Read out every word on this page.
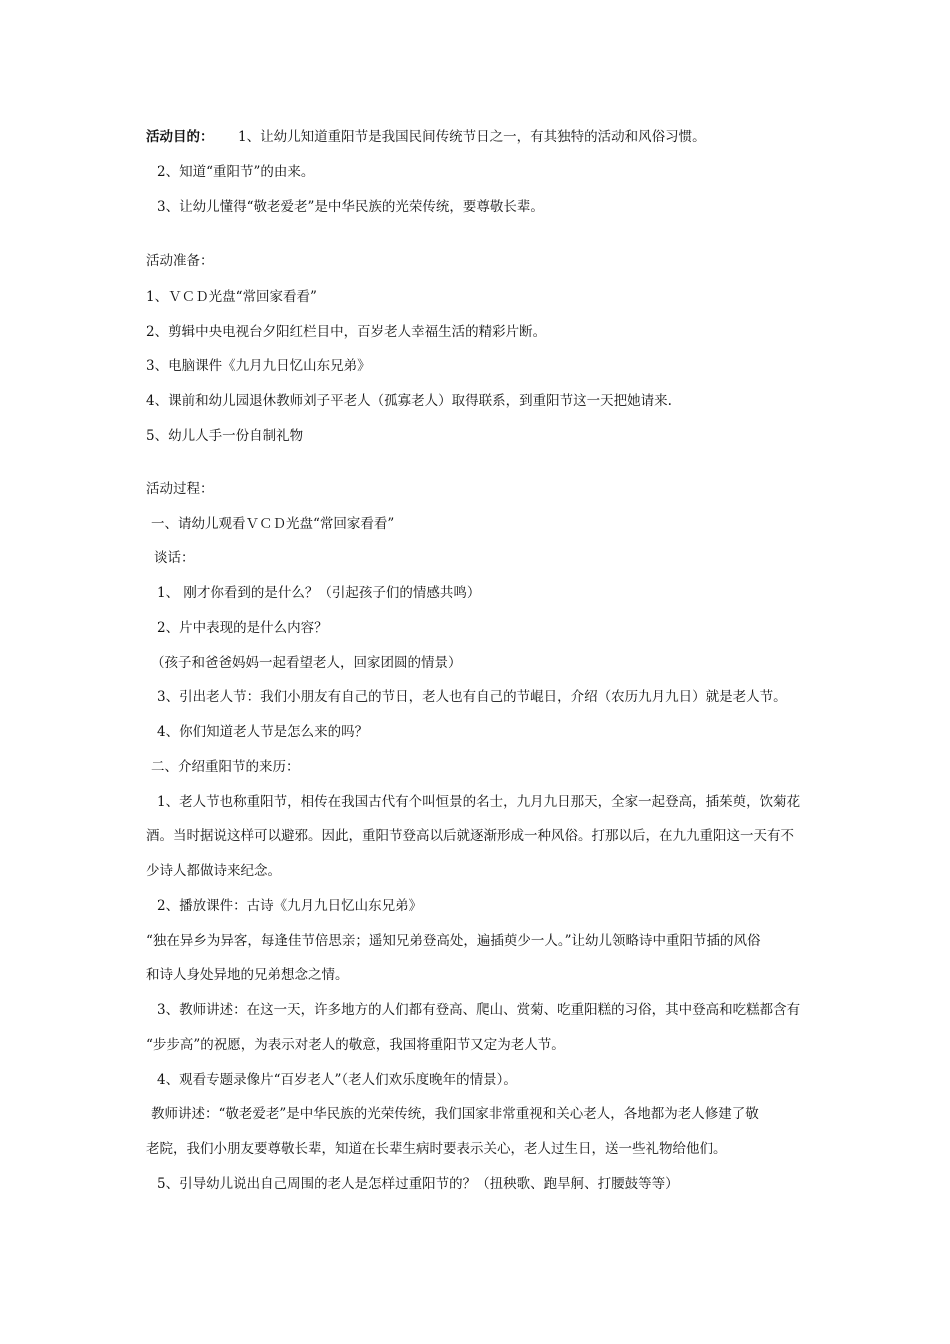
活动目的： 1、让幼儿知道重阳节是我国民间传统节日之一，有其独特的活动和风俗习惯。
2、知道“重阳节”的由来。
3、让幼儿懂得“敬老爱老”是中华民族的光荣传统，要尊敬长辈。
活动准备：
1、ＶＣＤ光盘“常回家看看”
2、剪辑中央电视台夕阳红栏目中，百岁老人幸福生活的精彩片断。
3、电脑课件《九月九日忆山东兄弟》
4、课前和幼儿园退休教师刘子平老人（孤寡老人）取得联系，到重阳节这一天把她请来.
5、幼儿人手一份自制礼物
活动过程：
一、请幼儿观看ＶＣＤ光盘“常回家看看”
谈话：
1、 刚才你看到的是什么？（引起孩子们的情感共鸣）
2、片中表现的是什么内容？
（孩子和爸爸妈妈一起看望老人，回家团圆的情景）
3、引出老人节：我们小朋友有自己的节日，老人也有自己的节崐日，介绍（农历九月九日）就是老人节。
4、你们知道老人节是怎么来的吗？
二、介绍重阳节的来历：
1、老人节也称重阳节，相传在我国古代有个叫恒景的名士，九月九日那天，全家一起登高，插茱萸，饮菊花
酒。当时据说这样可以避邪。因此，重阳节登高以后就逐渐形成一种风俗。打那以后，在九九重阳这一天有不
少诗人都做诗来纪念。
2、播放课件：古诗《九月九日忆山东兄弟》
“独在异乡为异客，每逢佳节倍思亲；遥知兄弟登高处，遍插萸少一人。”让幼儿领略诗中重阳节插的风俗
和诗人身处异地的兄弟想念之情。
3、教师讲述：在这一天，许多地方的人们都有登高、爬山、赏菊、吃重阳糕的习俗，其中登高和吃糕都含有
“步步高”的祝愿，为表示对老人的敬意，我国将重阳节又定为老人节。
4、观看专题录像片“百岁老人”（老人们欢乐度晚年的情景）。
教师讲述：“敬老爱老”是中华民族的光荣传统，我们国家非常重视和关心老人，各地都为老人修建了敬
老院，我们小朋友要尊敬长辈，知道在长辈生病时要表示关心，老人过生日，送一些礼物给他们。
5、引导幼儿说出自己周围的老人是怎样过重阳节的？（扭秧歌、跑旱舸、打腰鼓等等）
